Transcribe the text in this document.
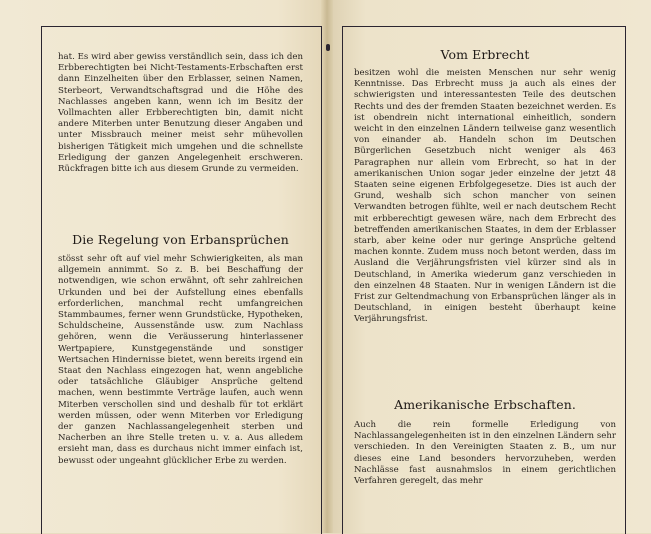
hat. Es wird aber gewiss verständlich sein, dass ich den Erbberechtigten bei Nicht-Testaments-Erbschaften erst dann Einzelheiten über den Erblasser, seinen Namen, Sterbeort, Verwandtschaftsgrad und die Höhe des Nachlasses angeben kann, wenn ich im Besitz der Vollmachten aller Erbberechtigten bin, damit nicht andere Miterben unter Benutzung dieser Angaben und unter Missbrauch meiner meist sehr mühevollen bisherigen Tätigkeit mich umgehen und die schnellste Erledigung der ganzen Angelegenheit erschweren. Rückfragen bitte ich aus diesem Grunde zu vermeiden.

Die Regelung von Erbansprüchen

stösst sehr oft auf viel mehr Schwierigkeiten, als man allgemein annimmt. So z. B. bei Beschaffung der notwendigen, wie schon erwähnt, oft sehr zahlreichen Urkunden und bei der Aufstellung eines ebenfalls erforderlichen, manchmal recht umfangreichen Stammbaumes, ferner wenn Grundstücke, Hypotheken, Schuldscheine, Aussenstände usw. zum Nachlass gehören, wenn die Veräusserung hinterlassener Wertpapiere, Kunstgegenstände und sonstiger Wertsachen Hindernisse bietet, wenn bereits irgend ein Staat den Nachlass eingezogen hat, wenn angebliche oder tatsächliche Gläubiger Ansprüche geltend machen, wenn bestimmte Verträge laufen, auch wenn Miterben verschollen sind und deshalb für tot erklärt werden müssen, oder wenn Miterben vor Erledigung der ganzen Nachlassangelegenheit sterben und Nacherben an ihre Stelle treten u. v. a. Aus alledem ersieht man, dass es durchaus nicht immer einfach ist, bewusst oder ungeahnt glücklicher Erbe zu werden.

Vom Erbrecht

besitzen wohl die meisten Menschen nur sehr wenig Kenntnisse. Das Erbrecht muss ja auch als eines der schwierigsten und interessantesten Teile des deutschen Rechts und des der fremden Staaten bezeichnet werden. Es ist obendrein nicht international einheitlich, sondern weicht in den einzelnen Ländern teilweise ganz wesentlich von einander ab. Handeln schon im Deutschen Bürgerlichen Gesetzbuch nicht weniger als 463 Paragraphen nur allein vom Erbrecht, so hat in der amerikanischen Union sogar jeder einzelne der jetzt 48 Staaten seine eigenen Erbfolgegesetze. Dies ist auch der Grund, weshalb sich schon mancher von seinen Verwandten betrogen fühlte, weil er nach deutschem Recht mit erbberechtigt gewesen wäre, nach dem Erbrecht des betreffenden amerikanischen Staates, in dem der Erblasser starb, aber keine oder nur geringe Ansprüche geltend machen konnte. Zudem muss noch betont werden, dass im Ausland die Verjährungsfristen viel kürzer sind als in Deutschland, in Amerika wiederum ganz verschieden in den einzelnen 48 Staaten. Nur in wenigen Ländern ist die Frist zur Geltendmachung von Erbansprüchen länger als in Deutschland, in einigen besteht überhaupt keine Verjährungsfrist.

Amerikanische Erbschaften.

Auch die rein formelle Erledigung von Nachlassangelegenheiten ist in den einzelnen Ländern sehr verschieden. In den Vereinigten Staaten z. B., um nur dieses eine Land besonders hervorzuheben, werden Nachlässe fast ausnahmslos in einem gerichtlichen Verfahren geregelt, das mehr
